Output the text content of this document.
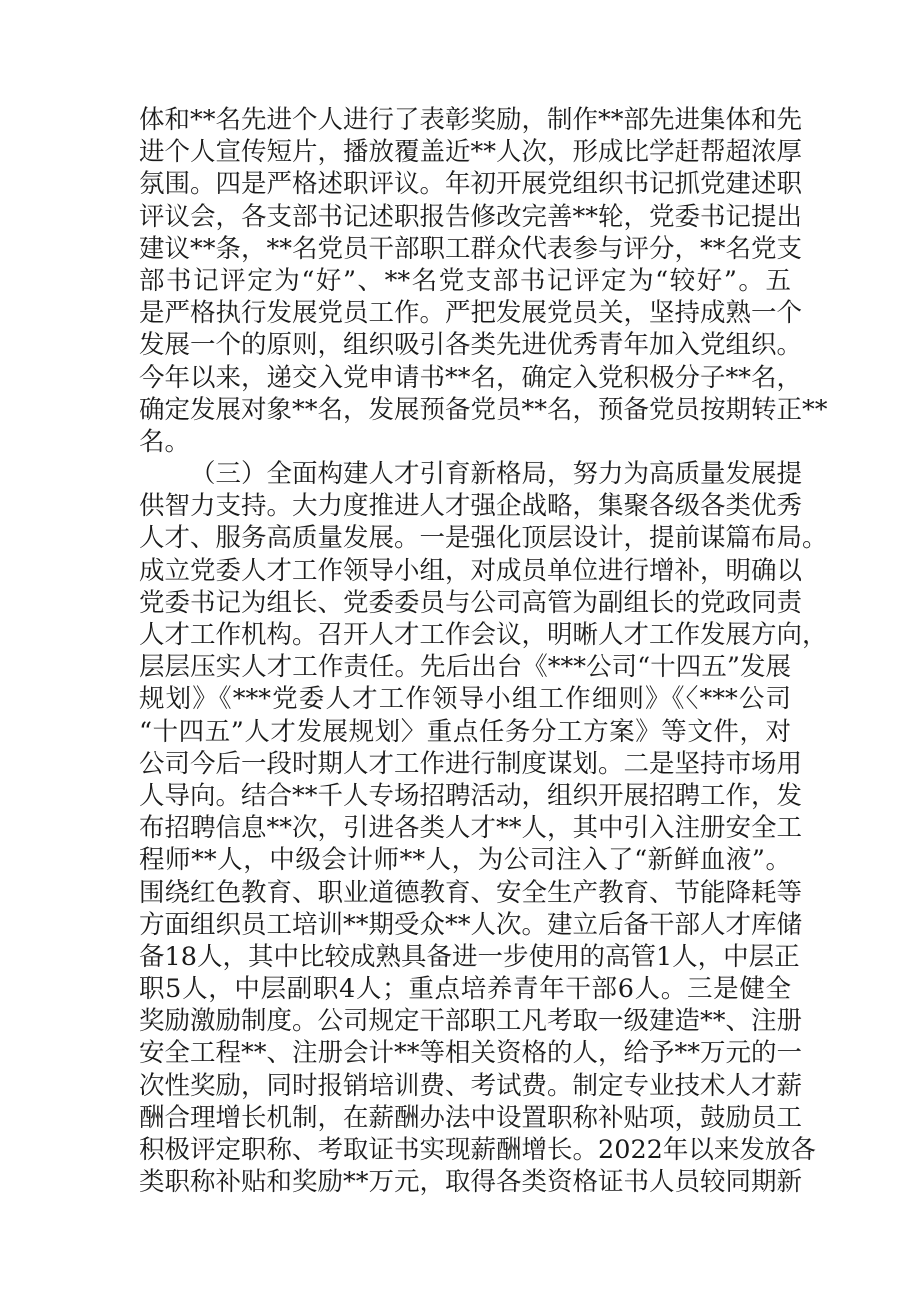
体和**名先进个人进行了表彰奖励，制作**部先进集体和先
进个人宣传短片，播放覆盖近**人次，形成比学赶帮超浓厚
氛围。四是严格述职评议。年初开展党组织书记抓党建述职
评议会，各支部书记述职报告修改完善**轮，党委书记提出
建议**条，**名党员干部职工群众代表参与评分，**名党支
部书记评定为“好”、**名党支部书记评定为“较好”。五
是严格执行发展党员工作。严把发展党员关，坚持成熟一个
发展一个的原则，组织吸引各类先进优秀青年加入党组织。
今年以来，递交入党申请书**名，确定入党积极分子**名，
确定发展对象**名，发展预备党员**名，预备党员按期转正**
名。
（三）全面构建人才引育新格局，努力为高质量发展提
供智力支持。大力度推进人才强企战略，集聚各级各类优秀
人才、服务高质量发展。一是强化顶层设计，提前谋篇布局。
成立党委人才工作领导小组，对成员单位进行增补，明确以
党委书记为组长、党委委员与公司高管为副组长的党政同责
人才工作机构。召开人才工作会议，明晰人才工作发展方向，
层层压实人才工作责任。先后出台《***公司“十四五”发展
规划》《***党委人才工作领导小组工作细则》《〈***公司
“十四五”人才发展规划〉重点任务分工方案》等文件，对
公司今后一段时期人才工作进行制度谋划。二是坚持市场用
人导向。结合**千人专场招聘活动，组织开展招聘工作，发
布招聘信息**次，引进各类人才**人，其中引入注册安全工
程师**人，中级会计师**人，为公司注入了“新鲜血液”。
围绕红色教育、职业道德教育、安全生产教育、节能降耗等
方面组织员工培训**期受众**人次。建立后备干部人才库储
备18人，其中比较成熟具备进一步使用的高管1人，中层正
职5人，中层副职4人；重点培养青年干部6人。三是健全
奖励激励制度。公司规定干部职工凡考取一级建造**、注册
安全工程**、注册会计**等相关资格的人，给予**万元的一
次性奖励，同时报销培训费、考试费。制定专业技术人才薪
酬合理增长机制，在薪酬办法中设置职称补贴项，鼓励员工
积极评定职称、考取证书实现薪酬增长。2022年以来发放各
类职称补贴和奖励**万元，取得各类资格证书人员较同期新
